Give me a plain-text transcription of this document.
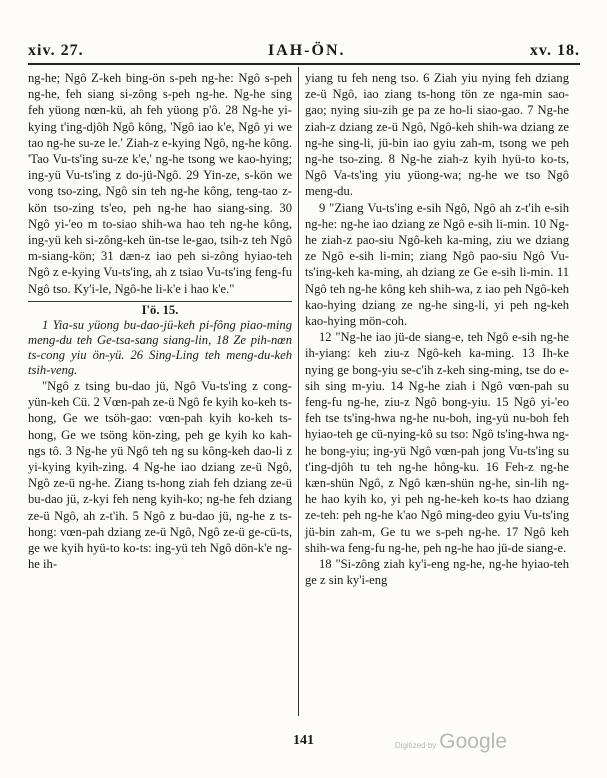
xiv. 27.	IAH-ÖN.	xv. 18.

ng-he; Ngô Z-keh bing-ön s-peh ng-he: Ngô s-peh ng-he, feh siang si-zông s-peh ng-he. Ng-he sing feh yüong nœn-kü, ah feh yüong p'ô. 28 Ng-he yi-kying t'ing-djôh Ngô kông, 'Ngô iao k'e, Ngô yi we tao ng-he su-ze le.' Ziah-z e-kying Ngô, ng-he kông. 'Tao Vu-ts'ing su-ze k'e,' ng-he tsong we kao-hying; ing-yü Vu-ts'ing z do-jü-Ngô. 29 Yin-ze, s-kön we vong tso-zing, Ngô sin teh ng-he kông, teng-tao z-kön tso-zing ts'eo, peh ng-he hao siang-sing. 30 Ngô yi-'eo m to-siao shih-wa hao teh ng-he kông, ing-yü keh si-zông-keh ün-tse le-gao, tsih-z teh Ngô m-siang-kön; 31 dæn-z iao peh si-zông hyiao-teh Ngô z e-kying Vu-ts'ing, ah z tsiao Vu-ts'ing feng-fu Ngô tso. Ky'i-le, Ngô-he li-k'e i hao k'e."

I'ö. 15.

1 Yia-su yüong bu-dao-jü-keh pi-fông piao-ming meng-du teh Ge-tsa-sang siang-lin, 18 Ze pih-nœn ts-cong yiu ön-yü. 26 Sing-Ling teh meng-du-keh tsih-veng.

"Ngô z tsing bu-dao jü, Ngô Vu-ts'ing z cong-yün-keh Cü. 2 Vœn-pah ze-ü Ngô fe kyih ko-keh ts-hong, Ge we tsöh-gao: vœn-pah kyih ko-keh ts-hong, Ge we tsöng kön-zing, peh ge kyih ko kah-ngs tô. 3 Ng-he yü Ngô teh ng su kông-keh dao-li z yi-kying kyih-zing. 4 Ng-he iao dziang ze-ü Ngô, Ngô ze-ü ng-he. Ziang ts-hong ziah feh dziang ze-ü bu-dao jü, z-kyi feh neng kyih-ko; ng-he feh dziang ze-ü Ngô, ah z-t'ih. 5 Ngô z bu-dao jü, ng-he z ts-hong: vœn-pah dziang ze-ü Ngô, Ngô ze-ü ge-cü-ts, ge we kyih hyü-to ko-ts: ing-yü teh Ngô dön-k'e ng-he ih-

yiang tu feh neng tso. 6 Ziah yiu nying feh dziang ze-ü Ngô, iao ziang ts-hong tön ze nga-min sao-gao; nying siu-zih ge pa ze ho-li siao-gao. 7 Ng-he ziah-z dziang ze-ü Ngô, Ngô-keh shih-wa dziang ze ng-he sing-li, jü-bin iao gyiu zah-m, tsong we peh ng-he tso-zing. 8 Ng-he ziah-z kyih hyü-to ko-ts, Ngô Va-ts'ing yiu yüong-wa; ng-he we tso Ngô meng-du.

9 "Ziang Vu-ts'ing e-sih Ngô, Ngô ah z-t'ih e-sih ng-he: ng-he iao dziang ze Ngô e-sih li-min. 10 Ng-he ziah-z pao-siu Ngô-keh ka-ming, ziu we dziang ze Ngô e-sih li-min; ziang Ngô pao-siu Ngô Vu-ts'ing-keh ka-ming, ah dziang ze Ge e-sih li-min. 11 Ngô teh ng-he kông keh shih-wa, z iao peh Ngô-keh kao-hying dziang ze ng-he sing-li, yi peh ng-keh kao-hying mön-coh.

12 "Ng-he iao jü-de siang-e, teh Ngô e-sih ng-he ih-yiang: keh ziu-z Ngô-keh ka-ming. 13 Ih-ke nying ge bong-yiu se-c'ih z-keh sing-ming, tse do e-sih sing m-yiu. 14 Ng-he ziah i Ngô vœn-pah su feng-fu ng-he, ziu-z Ngô bong-yiu. 15 Ngô yi-'eo feh tse ts'ing-hwa ng-he nu-boh, ing-yü nu-boh feh hyiao-teh ge cü-nying-kô su tso: Ngô ts'ing-hwa ng-he bong-yiu; ing-yü Ngô vœn-pah jong Vu-ts'ing su t'ing-djôh tu teh ng-he hông-ku. 16 Feh-z ng-he kæn-shün Ngô, z Ngô kæn-shün ng-he, sin-lih ng-he hao kyih ko, yi peh ng-he-keh ko-ts hao dziang ze-teh: peh ng-he k'ao Ngô ming-deo gyiu Vu-ts'ing jü-bin zah-m, Ge tu we s-peh ng-he. 17 Ngô keh shih-wa feng-fu ng-he, peh ng-he hao jü-de siang-e.

18 "Si-zông ziah ky'i-eng ng-he, ng-he hyiao-teh ge z sin ky'i-eng

141	Digitized by Google
